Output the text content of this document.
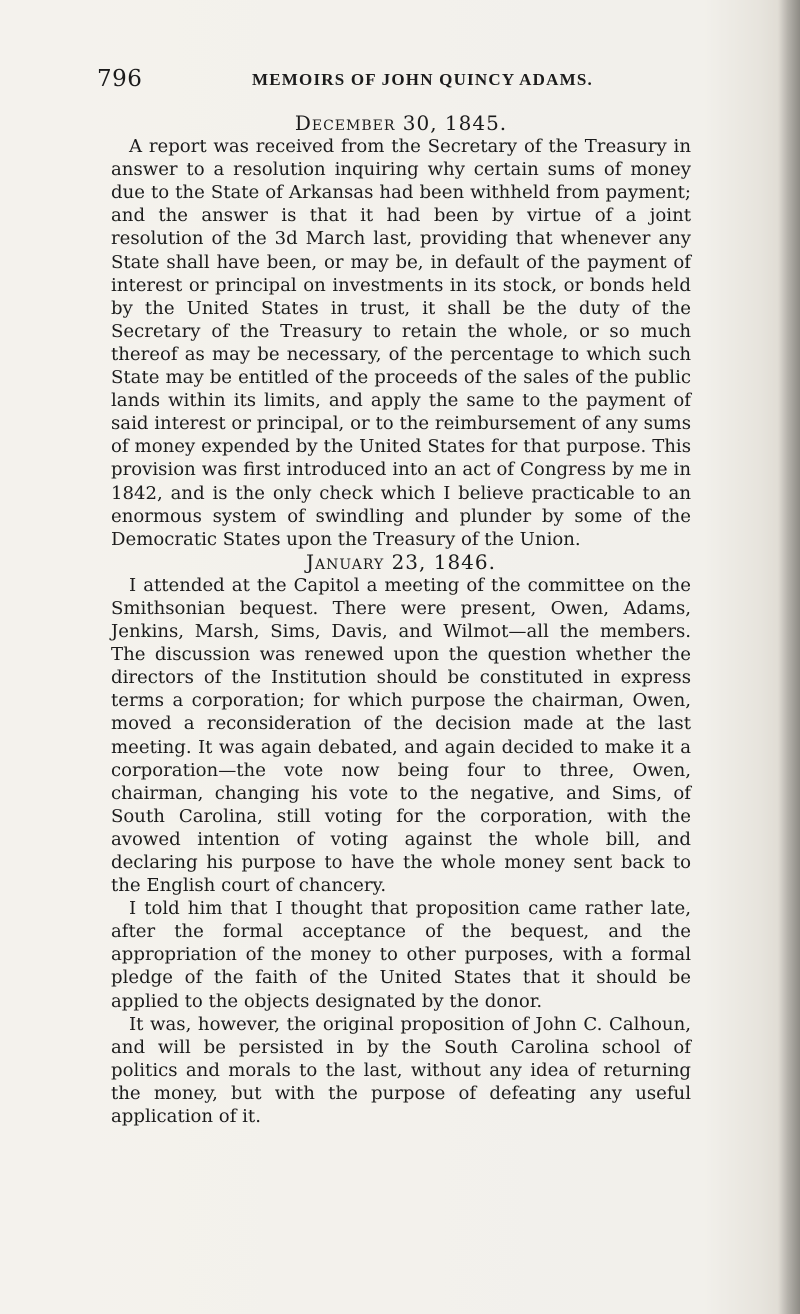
796	MEMOIRS OF JOHN QUINCY ADAMS.
December 30, 1845.

A report was received from the Secretary of the Treasury in answer to a resolution inquiring why certain sums of money due to the State of Arkansas had been withheld from payment; and the answer is that it had been by virtue of a joint resolution of the 3d March last, providing that whenever any State shall have been, or may be, in default of the payment of interest or principal on investments in its stock, or bonds held by the United States in trust, it shall be the duty of the Secretary of the Treasury to retain the whole, or so much thereof as may be necessary, of the percentage to which such State may be entitled of the proceeds of the sales of the public lands within its limits, and apply the same to the payment of said interest or principal, or to the reimbursement of any sums of money expended by the United States for that purpose. This provision was first introduced into an act of Congress by me in 1842, and is the only check which I believe practicable to an enormous system of swindling and plunder by some of the Democratic States upon the Treasury of the Union.

January 23, 1846.

I attended at the Capitol a meeting of the committee on the Smithsonian bequest. There were present, Owen, Adams, Jenkins, Marsh, Sims, Davis, and Wilmot—all the members. The discussion was renewed upon the question whether the directors of the Institution should be constituted in express terms a corporation; for which purpose the chairman, Owen, moved a reconsideration of the decision made at the last meeting. It was again debated, and again decided to make it a corporation—the vote now being four to three, Owen, chairman, changing his vote to the negative, and Sims, of South Carolina, still voting for the corporation, with the avowed intention of voting against the whole bill, and declaring his purpose to have the whole money sent back to the English court of chancery.

I told him that I thought that proposition came rather late, after the formal acceptance of the bequest, and the appropriation of the money to other purposes, with a formal pledge of the faith of the United States that it should be applied to the objects designated by the donor.

It was, however, the original proposition of John C. Calhoun, and will be persisted in by the South Carolina school of politics and morals to the last, without any idea of returning the money, but with the purpose of defeating any useful application of it.
